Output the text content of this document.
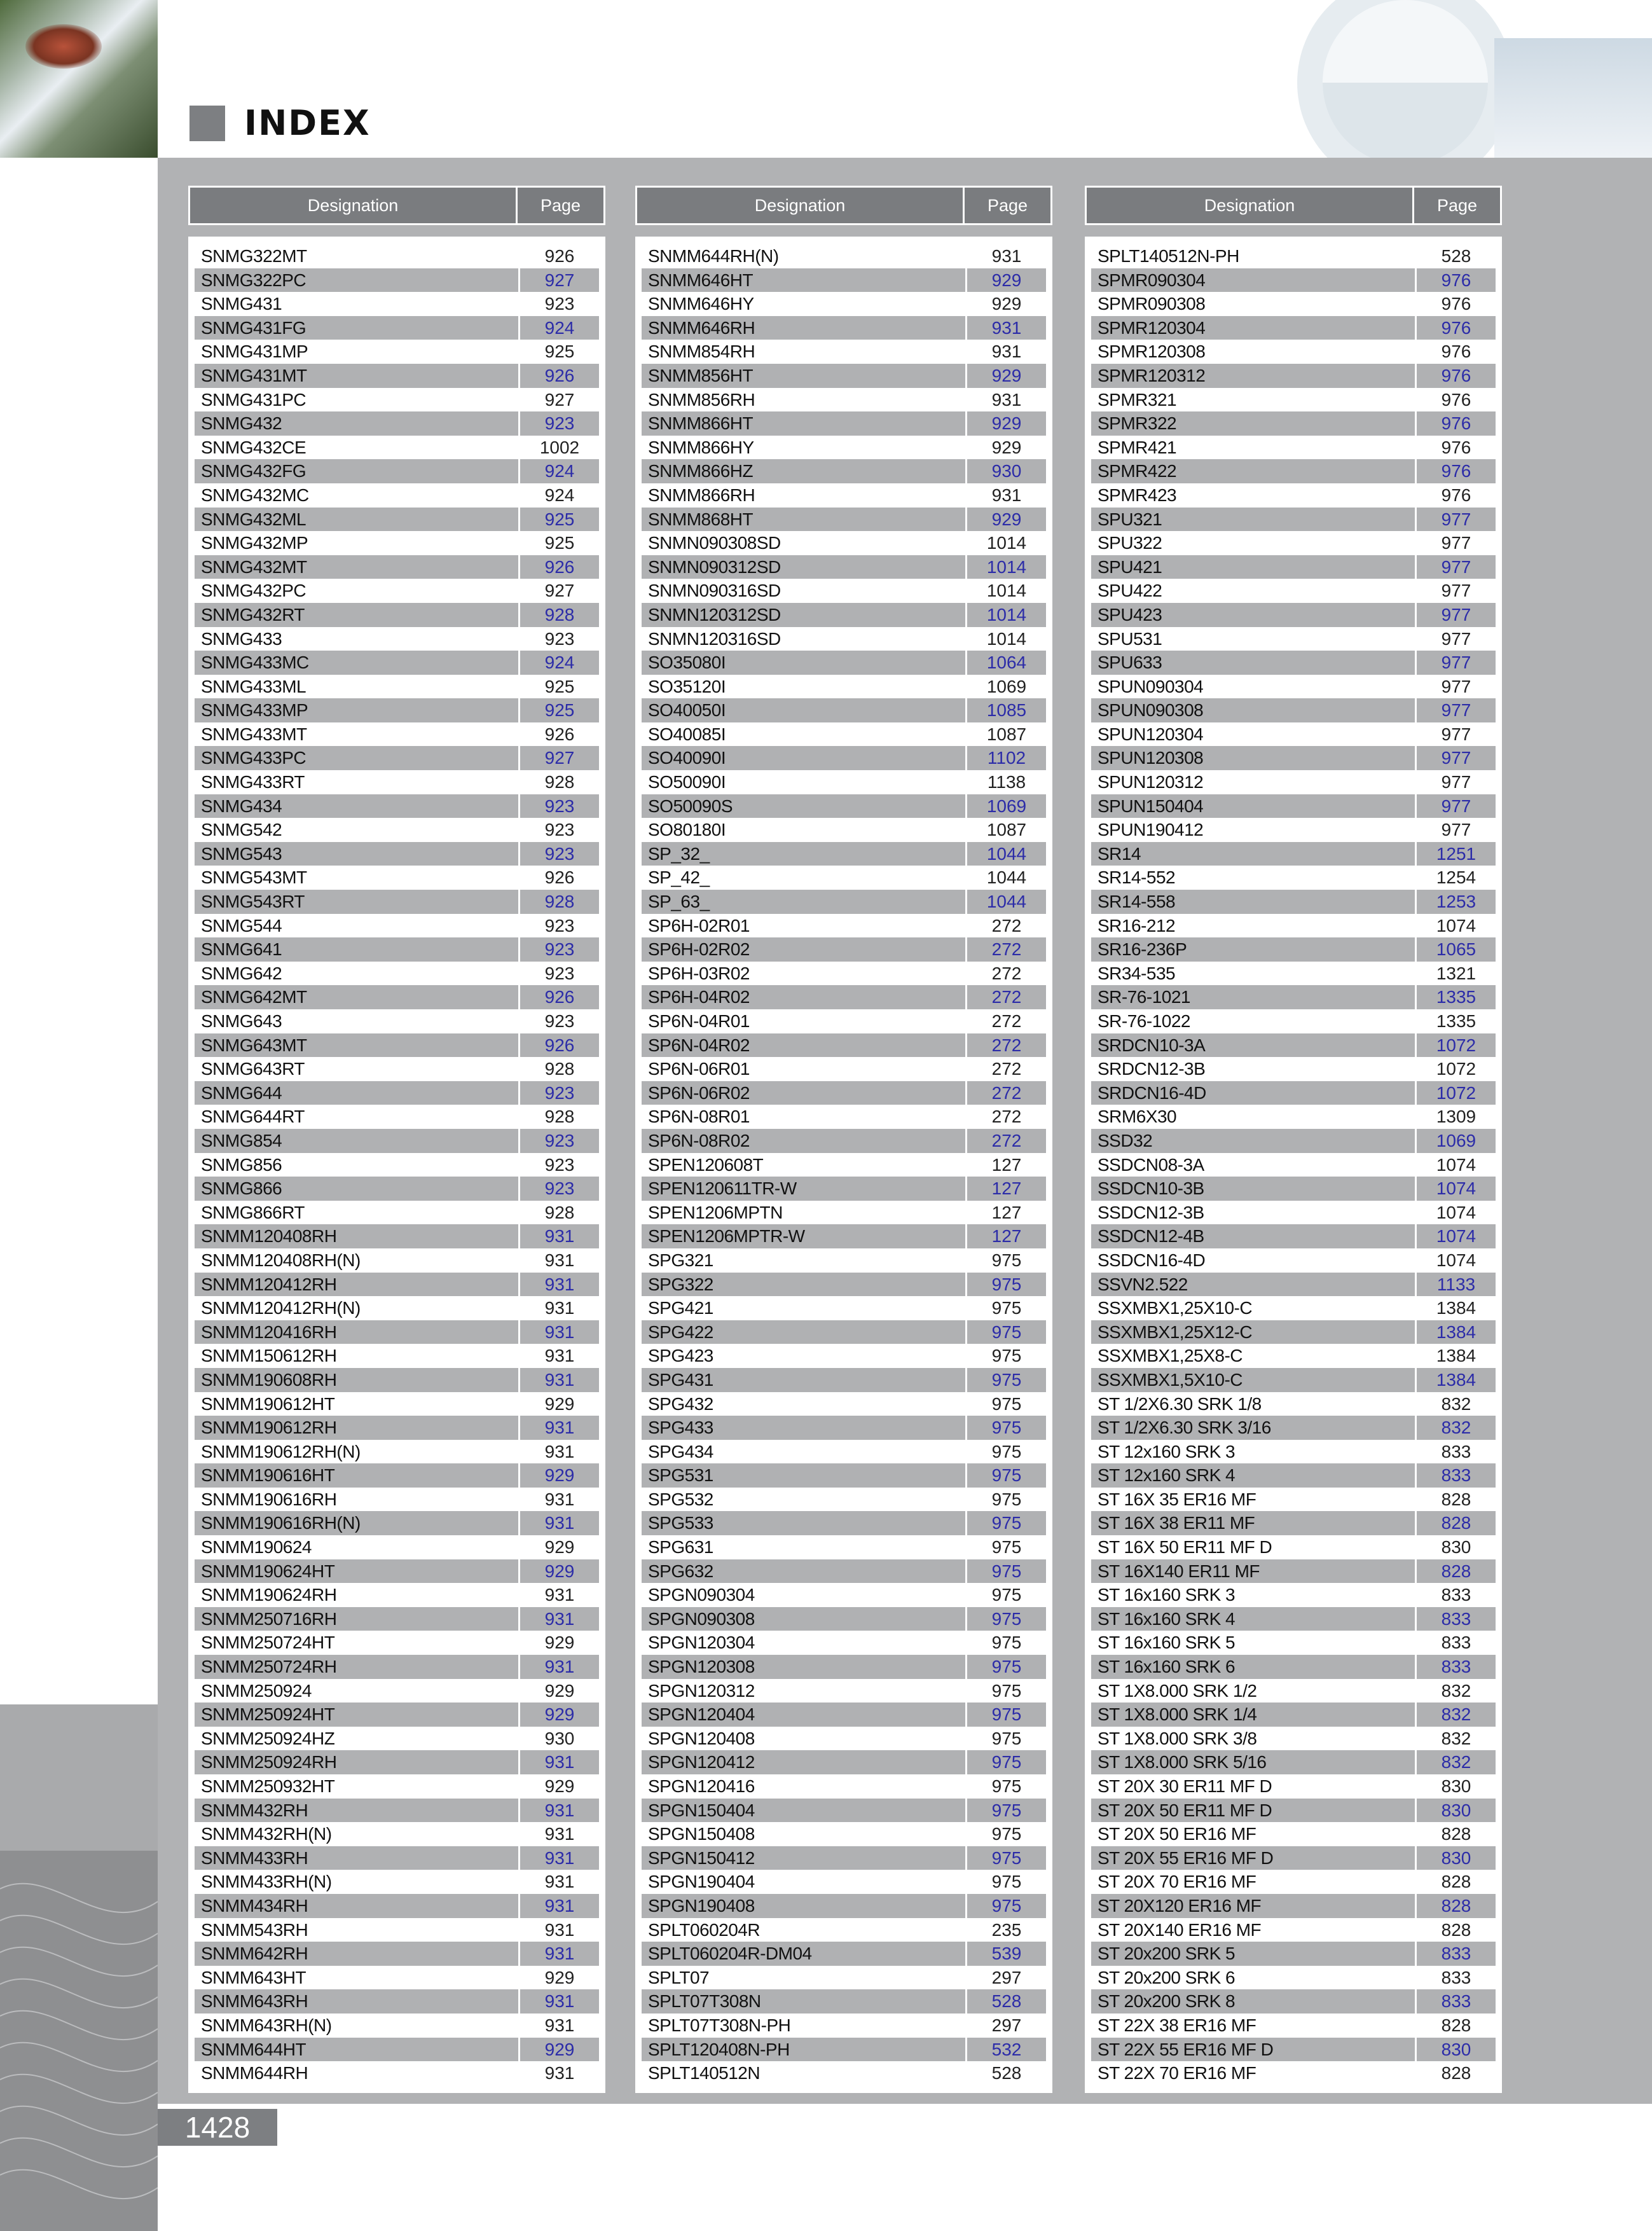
INDEX
Designation	Page
SNMG322MT	926
SNMG322PC	927
SNMG431	923
SNMG431FG	924
SNMG431MP	925
SNMG431MT	926
SNMG431PC	927
SNMG432	923
SNMG432CE	1002
SNMG432FG	924
SNMG432MC	924
SNMG432ML	925
SNMG432MP	925
SNMG432MT	926
SNMG432PC	927
SNMG432RT	928
SNMG433	923
SNMG433MC	924
SNMG433ML	925
SNMG433MP	925
SNMG433MT	926
SNMG433PC	927
SNMG433RT	928
SNMG434	923
SNMG542	923
SNMG543	923
SNMG543MT	926
SNMG543RT	928
SNMG544	923
SNMG641	923
SNMG642	923
SNMG642MT	926
SNMG643	923
SNMG643MT	926
SNMG643RT	928
SNMG644	923
SNMG644RT	928
SNMG854	923
SNMG856	923
SNMG866	923
SNMG866RT	928
SNMM120408RH	931
SNMM120408RH(N)	931
SNMM120412RH	931
SNMM120412RH(N)	931
SNMM120416RH	931
SNMM150612RH	931
SNMM190608RH	931
SNMM190612HT	929
SNMM190612RH	931
SNMM190612RH(N)	931
SNMM190616HT	929
SNMM190616RH	931
SNMM190616RH(N)	931
SNMM190624	929
SNMM190624HT	929
SNMM190624RH	931
SNMM250716RH	931
SNMM250724HT	929
SNMM250724RH	931
SNMM250924	929
SNMM250924HT	929
SNMM250924HZ	930
SNMM250924RH	931
SNMM250932HT	929
SNMM432RH	931
SNMM432RH(N)	931
SNMM433RH	931
SNMM433RH(N)	931
SNMM434RH	931
SNMM543RH	931
SNMM642RH	931
SNMM643HT	929
SNMM643RH	931
SNMM643RH(N)	931
SNMM644HT	929
SNMM644RH	931
Designation	Page
SNMM644RH(N)	931
SNMM646HT	929
SNMM646HY	929
SNMM646RH	931
SNMM854RH	931
SNMM856HT	929
SNMM856RH	931
SNMM866HT	929
SNMM866HY	929
SNMM866HZ	930
SNMM866RH	931
SNMM868HT	929
SNMN090308SD	1014
SNMN090312SD	1014
SNMN090316SD	1014
SNMN120312SD	1014
SNMN120316SD	1014
SO35080I	1064
SO35120I	1069
SO40050I	1085
SO40085I	1087
SO40090I	1102
SO50090I	1138
SO50090S	1069
SO80180I	1087
SP_32_	1044
SP_42_	1044
SP_63_	1044
SP6H-02R01	272
SP6H-02R02	272
SP6H-03R02	272
SP6H-04R02	272
SP6N-04R01	272
SP6N-04R02	272
SP6N-06R01	272
SP6N-06R02	272
SP6N-08R01	272
SP6N-08R02	272
SPEN120608T	127
SPEN120611TR-W	127
SPEN1206MPTN	127
SPEN1206MPTR-W	127
SPG321	975
SPG322	975
SPG421	975
SPG422	975
SPG423	975
SPG431	975
SPG432	975
SPG433	975
SPG434	975
SPG531	975
SPG532	975
SPG533	975
SPG631	975
SPG632	975
SPGN090304	975
SPGN090308	975
SPGN120304	975
SPGN120308	975
SPGN120312	975
SPGN120404	975
SPGN120408	975
SPGN120412	975
SPGN120416	975
SPGN150404	975
SPGN150408	975
SPGN150412	975
SPGN190404	975
SPGN190408	975
SPLT060204R	235
SPLT060204R-DM04	539
SPLT07	297
SPLT07T308N	528
SPLT07T308N-PH	297
SPLT120408N-PH	532
SPLT140512N	528
Designation	Page
SPLT140512N-PH	528
SPMR090304	976
SPMR090308	976
SPMR120304	976
SPMR120308	976
SPMR120312	976
SPMR321	976
SPMR322	976
SPMR421	976
SPMR422	976
SPMR423	976
SPU321	977
SPU322	977
SPU421	977
SPU422	977
SPU423	977
SPU531	977
SPU633	977
SPUN090304	977
SPUN090308	977
SPUN120304	977
SPUN120308	977
SPUN120312	977
SPUN150404	977
SPUN190412	977
SR14	1251
SR14-552	1254
SR14-558	1253
SR16-212	1074
SR16-236P	1065
SR34-535	1321
SR-76-1021	1335
SR-76-1022	1335
SRDCN10-3A	1072
SRDCN12-3B	1072
SRDCN16-4D	1072
SRM6X30	1309
SSD32	1069
SSDCN08-3A	1074
SSDCN10-3B	1074
SSDCN12-3B	1074
SSDCN12-4B	1074
SSDCN16-4D	1074
SSVN2.522	1133
SSXMBX1,25X10-C	1384
SSXMBX1,25X12-C	1384
SSXMBX1,25X8-C	1384
SSXMBX1,5X10-C	1384
ST 1/2X6.30 SRK 1/8	832
ST 1/2X6.30 SRK 3/16	832
ST 12x160 SRK 3	833
ST 12x160 SRK 4	833
ST 16X 35 ER16 MF	828
ST 16X 38 ER11 MF	828
ST 16X 50 ER11 MF D	830
ST 16X140 ER11 MF	828
ST 16x160 SRK 3	833
ST 16x160 SRK 4	833
ST 16x160 SRK 5	833
ST 16x160 SRK 6	833
ST 1X8.000 SRK 1/2	832
ST 1X8.000 SRK 1/4	832
ST 1X8.000 SRK 3/8	832
ST 1X8.000 SRK 5/16	832
ST 20X 30 ER11 MF D	830
ST 20X 50 ER11 MF D	830
ST 20X 50 ER16 MF	828
ST 20X 55 ER16 MF D	830
ST 20X 70 ER16 MF	828
ST 20X120 ER16 MF	828
ST 20X140 ER16 MF	828
ST 20x200 SRK 5	833
ST 20x200 SRK 6	833
ST 20x200 SRK 8	833
ST 22X 38 ER16 MF	828
ST 22X 55 ER16 MF D	830
ST 22X 70 ER16 MF	828
1428
